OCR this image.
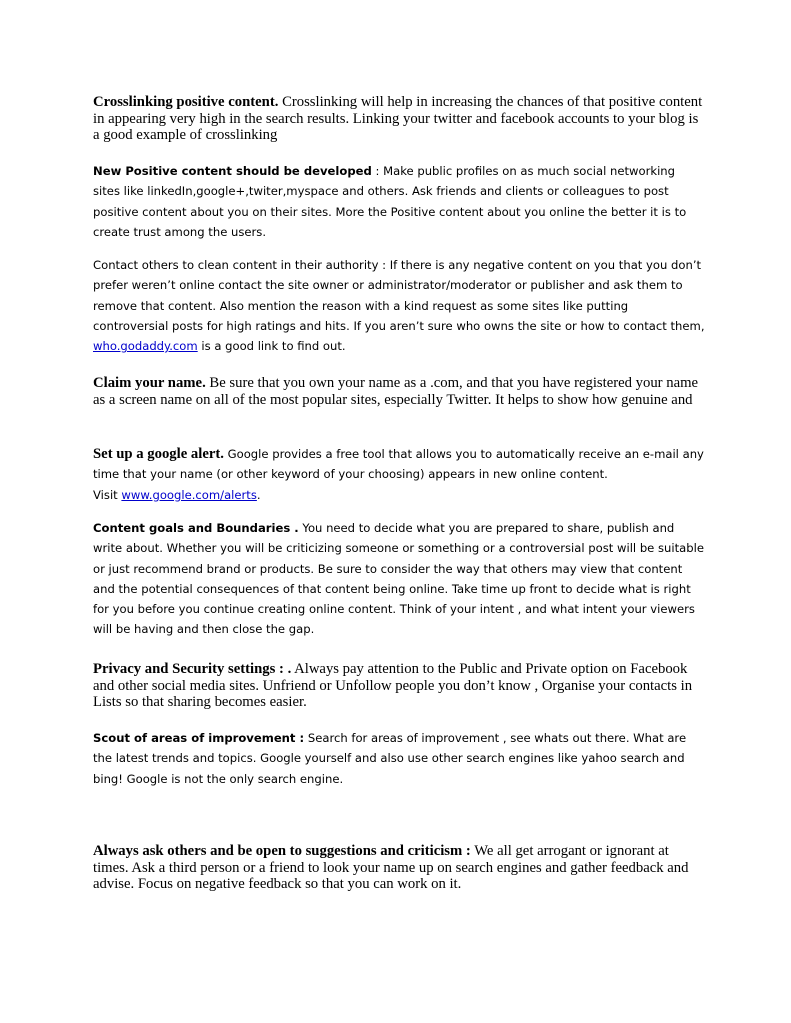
Crosslinking positive content. Crosslinking will help in increasing the chances of that positive content in appearing very high in the search results. Linking your twitter and facebook accounts to your blog is a good example of crosslinking

New Positive content should be developed : Make public profiles on as much social networking sites like linkedIn,google+,twiter,myspace and others. Ask friends and clients or colleagues to post positive content about you on their sites. More the Positive content about you online the better it is to create trust among the users.

Contact others to clean content in their authority : If there is any negative content on you that you don’t prefer weren’t online contact the site owner or administrator/moderator or publisher and ask them to remove that content. Also mention the reason with a kind request as some sites like putting controversial posts for high ratings and hits. If you aren’t sure who owns the site or how to contact them, who.godaddy.com is a good link to find out.

Claim your name. Be sure that you own your name as a .com, and that you have registered your name as a screen name on all of the most popular sites, especially Twitter. It helps to show how genuine and

Set up a google alert. Google provides a free tool that allows you to automatically receive an e-mail any time that your name (or other keyword of your choosing) appears in new online content.
Visit www.google.com/alerts.

Content goals and Boundaries . You need to decide what you are prepared to share, publish and write about. Whether you will be criticizing someone or something or a controversial post will be suitable or just recommend brand or products. Be sure to consider the way that others may view that content and the potential consequences of that content being online. Take time up front to decide what is right for you before you continue creating online content. Think of your intent , and what intent your viewers will be having and then close the gap.

Privacy and Security settings : . Always pay attention to the Public and Private option on Facebook and other social media sites. Unfriend or Unfollow people you don’t know , Organise your contacts in Lists so that sharing becomes easier.

Scout of areas of improvement : Search for areas of improvement , see whats out there. What are the latest trends and topics. Google yourself and also use other search engines like yahoo search and bing! Google is not the only search engine.

Always ask others and be open to suggestions and criticism : We all get arrogant or ignorant at times. Ask a third person or a friend to look your name up on search engines and gather feedback and advise. Focus on negative feedback so that you can work on it.
